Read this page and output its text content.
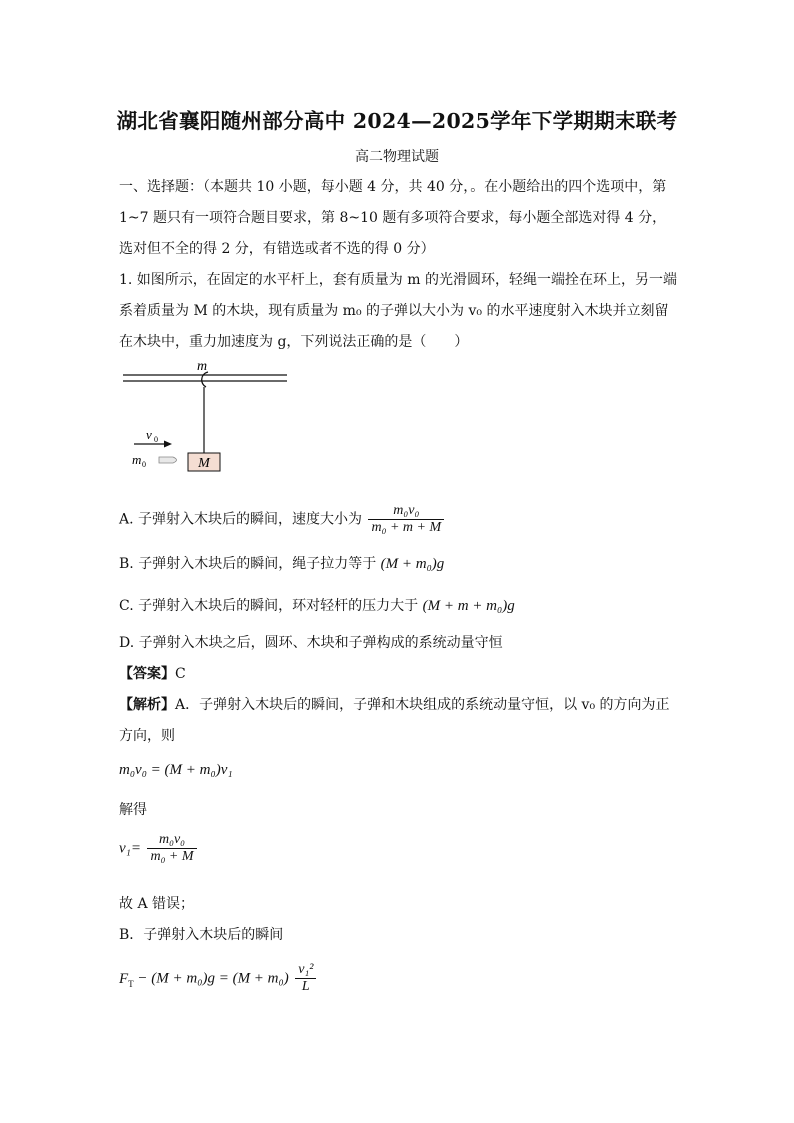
湖北省襄阳随州部分高中 2024—2025学年下学期期末联考
高二物理试题
一、选择题：（本题共 10 小题，每小题 4 分，共 40 分，。在小题给出的四个选项中，第 1~7 题只有一项符合题目要求，第 8~10 题有多项符合要求，每小题全部选对得 4 分，选对但不全的得 2 分，有错选或者不选的得 0 分）
1. 如图所示，在固定的水平杆上，套有质量为 m 的光滑圆环，轻绳一端拴在环上，另一端系着质量为 M 的木块，现有质量为 m₀ 的子弹以大小为 v₀ 的水平速度射入木块并立刻留在木块中，重力加速度为 g，下列说法正确的是（　　）
M
m
v 0
m 0
A. 子弹射入木块后的瞬间，速度大小为 $\frac{\text{m₀v₀}}{\text{m₀ + m + M}}$
B. 子弹射入木块后的瞬间，绳子拉力等于 (M + m₀)g
C. 子弹射入木块后的瞬间，环对轻杆的压力大于 (M + m + m₀)g
D. 子弹射入木块之后，圆环、木块和子弹构成的系统动量守恒
【答案】C
【解析】A．子弹射入木块后的瞬间，子弹和木块组成的系统动量守恒，以 v₀ 的方向为正方向，则
m₀v₀ = (M + m₀)v₁
解得
$v_1= \frac{\text{m₀v₀}}{\text{m₀ + M}}$
故 A 错误；
B．子弹射入木块后的瞬间
$F_T - (M + m_0)g = (M + m_0) \frac{\text{v₁²}}{L}$
